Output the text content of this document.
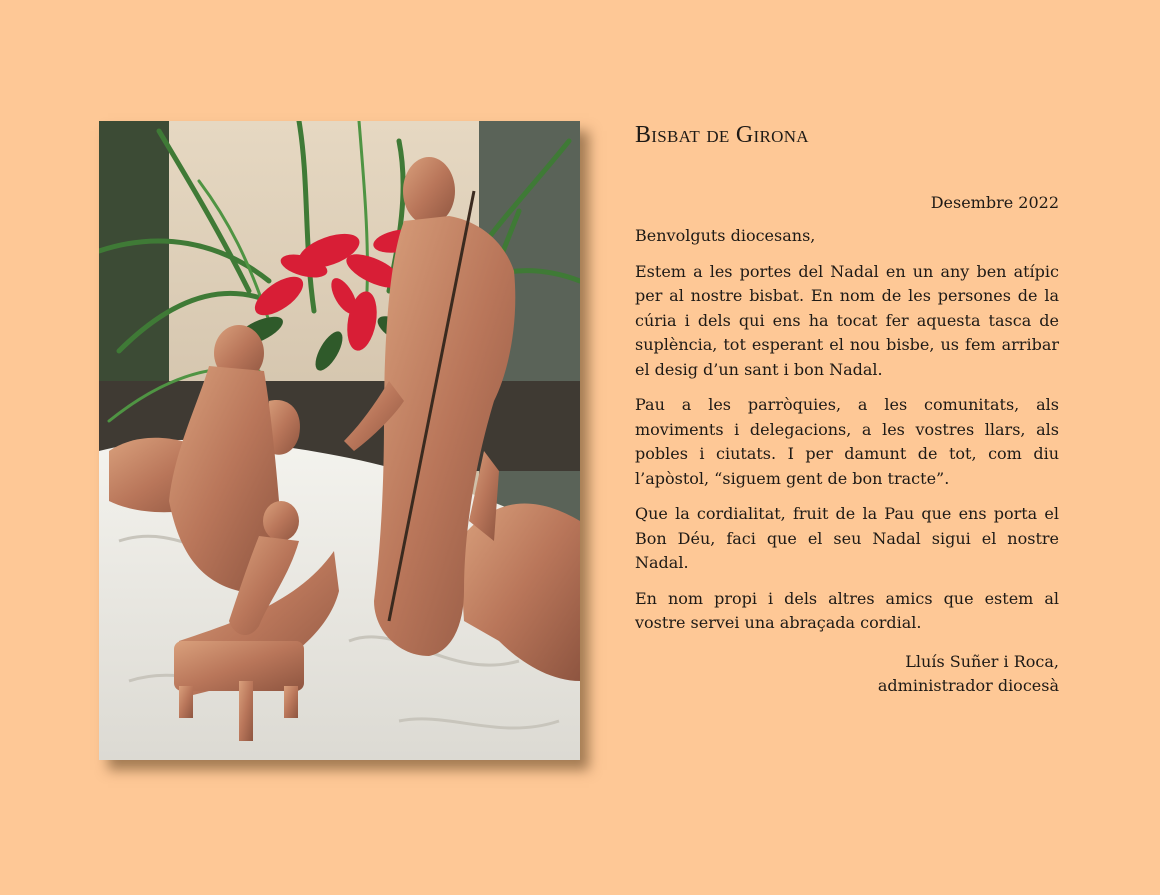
Bisbat de Girona

Desembre 2022

Benvolguts diocesans,

Estem a les portes del Nadal en un any ben atípic per al nostre bisbat. En nom de les persones de la cúria i dels qui ens ha tocat fer aquesta tasca de suplència, tot esperant el nou bisbe, us fem arribar el desig d’un sant i bon Nadal.

Pau a les parròquies, a les comunitats, als moviments i delegacions, a les vostres llars, als pobles i ciutats. I per damunt de tot, com diu l’apòstol, “siguem gent de bon tracte”.

Que la cordialitat, fruit de la Pau que ens porta el Bon Déu, faci que el seu Nadal sigui el nostre Nadal.

En nom propi i dels altres amics que estem al vostre servei una abraçada cordial.

Lluís Suñer i Roca,
administrador diocesà
